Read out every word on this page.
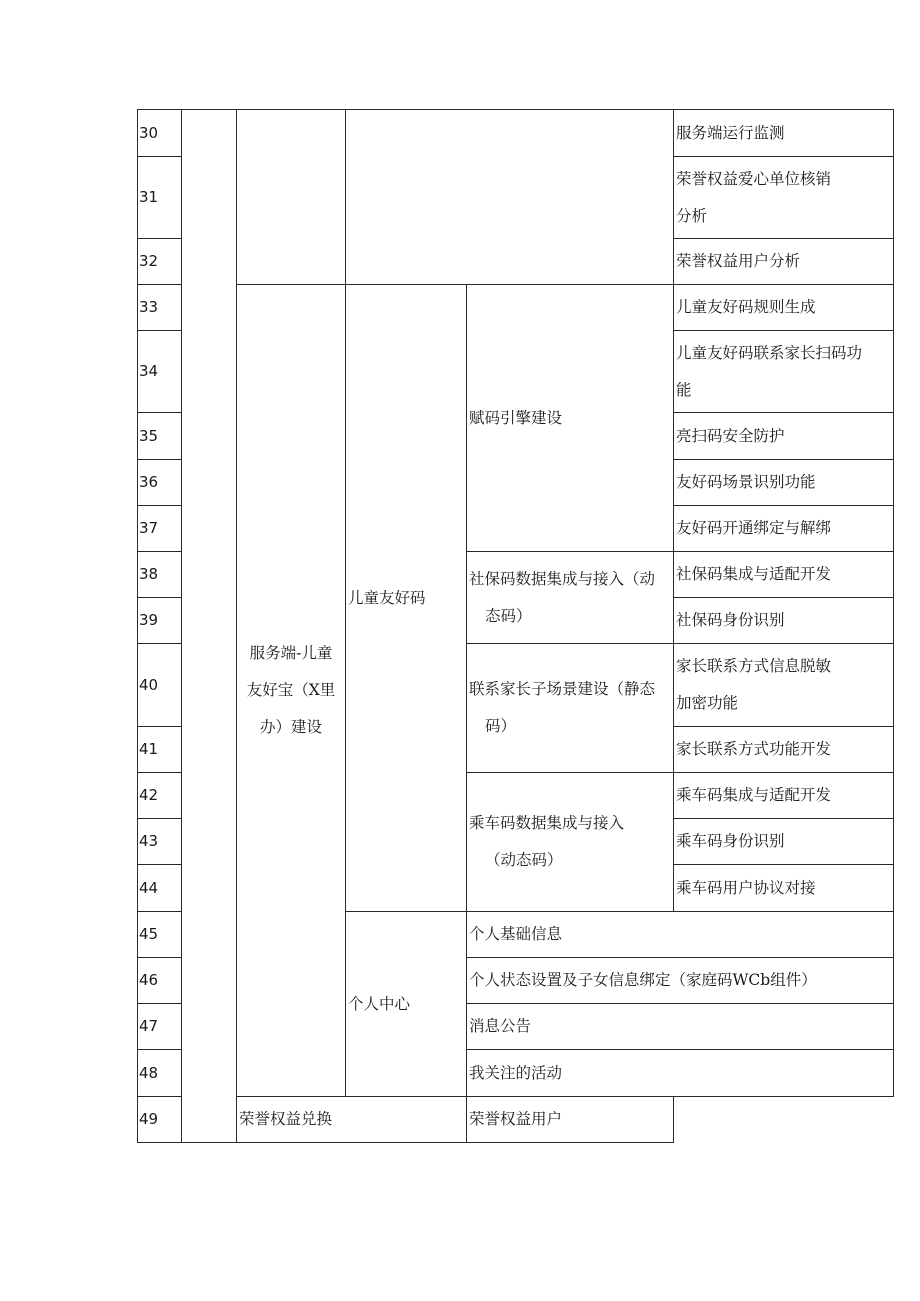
30					服务端运行监测
31					荣誉权益爱心单位核销
分析
32					荣誉权益用户分析
33		服务端-儿童
友好宝（X里
办）建设	儿童友好码	赋码引擎建设	儿童友好码规则生成
34					儿童友好码联系家长扫码功
能
35					亮扫码安全防护
36					友好码场景识别功能
37					友好码开通绑定与解绑
38				社保码数据集成与接入（动
态码）	社保码集成与适配开发
39					社保码身份识别
40				联系家长子场景建设（静态
码）	家长联系方式信息脱敏
加密功能
41					家长联系方式功能开发
42				乘车码数据集成与接入
（动态码）	乘车码集成与适配开发
43					乘车码身份识别
44					乘车码用户协议对接
45			个人中心	个人基础信息	
46				个人状态设置及子女信息绑定（家庭码WCb组件）	
47				消息公告	
48				我关注的活动	
49		荣誉权益兑换		荣誉权益用户	
